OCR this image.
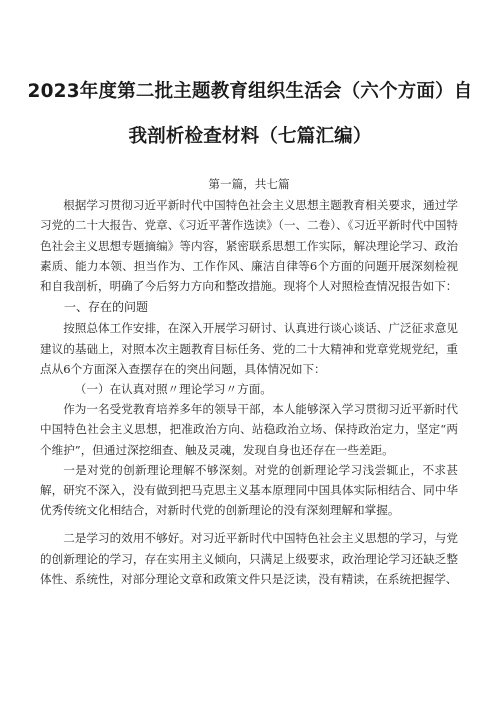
2023年度第二批主题教育组织生活会（六个方面）自
我剖析检查材料（七篇汇编）

第一篇，共七篇

根据学习贯彻习近平新时代中国特色社会主义思想主题教育相关要求，通过学习党的二十大报告、党章、《习近平著作选读》（一、二卷）、《习近平新时代中国特色社会主义思想专题摘编》等内容，紧密联系思想工作实际，解决理论学习、政治素质、能力本领、担当作为、工作作风、廉洁自律等6个方面的问题开展深刻检视和自我剖析，明确了今后努力方向和整改措施。现将个人对照检查情况报告如下：

一、存在的问题

按照总体工作安排，在深入开展学习研讨、认真进行谈心谈话、广泛征求意见建议的基础上，对照本次主题教育目标任务、党的二十大精神和党章党规党纪，重点从6个方面深入查摆存在的突出问题，具体情况如下：

（一）在认真对照〃理论学习〃方面。

作为一名受党教育培养多年的领导干部，本人能够深入学习贯彻习近平新时代中国特色社会主义思想，把准政治方向、站稳政治立场、保持政治定力，坚定“两个维护”，但通过深挖细查、触及灵魂，发现自身也还存在一些差距。

一是对党的创新理论理解不够深刻。对党的创新理论学习浅尝辄止，不求甚解，研究不深入，没有做到把马克思主义基本原理同中国具体实际相结合、同中华优秀传统文化相结合，对新时代党的创新理论的没有深刻理解和掌握。

二是学习的效用不够好。对习近平新时代中国特色社会主义思想的学习，与党的创新理论的学习，存在实用主义倾向，只满足上级要求，政治理论学习还缺乏整体性、系统性，对部分理论文章和政策文件只是泛读，没有精读，在系统把握学、
